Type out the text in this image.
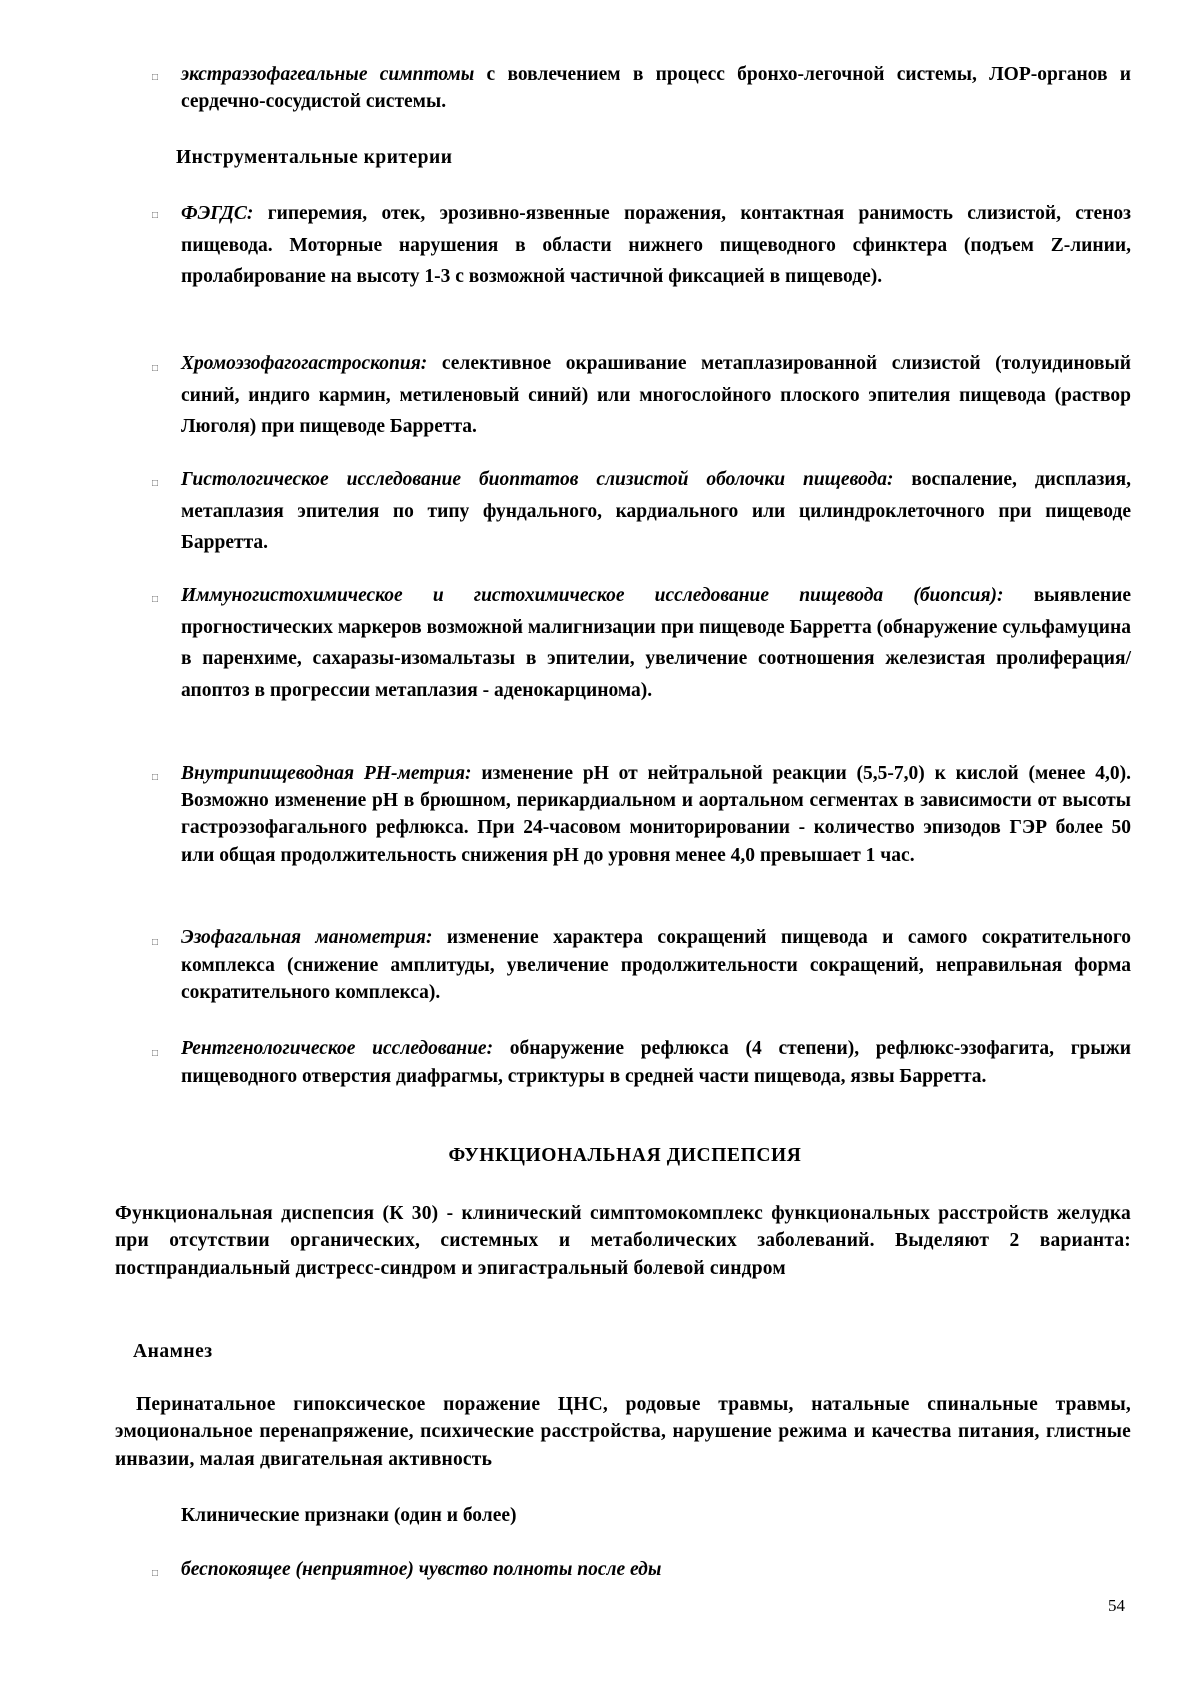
□ экстраэзофагеальные симптомы с вовлечением в процесс бронхо-легочной системы, ЛОР-органов и сердечно-сосудистой системы.

Инструментальные критерии

□ ФЭГДС: гиперемия, отек, эрозивно-язвенные поражения, контактная ранимость слизистой, стеноз пищевода. Моторные нарушения в области нижнего пищеводного сфинктера (подъем Z-линии, пролабирование на высоту 1-3 с возможной частичной фиксацией в пищеводе).

□ Хромоэзофагогастроскопия: селективное окрашивание метаплазированной слизистой (толуидиновый синий, индиго кармин, метиленовый синий) или многослойного плоского эпителия пищевода (раствор Люголя) при пищеводе Барретта.

□ Гистологическое исследование биоптатов слизистой оболочки пищевода: воспаление, дисплазия, метаплазия эпителия по типу фундального, кардиального или цилиндроклеточного при пищеводе Барретта.

□ Иммуногистохимическое и гистохимическое исследование пищевода (биопсия): выявление прогностических маркеров возможной малигнизации при пищеводе Барретта (обнаружение сульфамуцина в паренхиме, сахаразы-изомальтазы в эпителии, увеличение соотношения железистая пролиферация/апоптоз в прогрессии метаплазия - аденокарцинома).

□ Внутрипищеводная РН-метрия: изменение рН от нейтральной реакции (5,5-7,0) к кислой (менее 4,0). Возможно изменение рН в брюшном, перикардиальном и аортальном сегментах в зависимости от высоты гастроэзофагального рефлюкса. При 24-часовом мониторировании - количество эпизодов ГЭР более 50 или общая продолжительность снижения рН до уровня менее 4,0 превышает 1 час.

□ Эзофагальная манометрия: изменение характера сокращений пищевода и самого сократительного комплекса (снижение амплитуды, увеличение продолжительности сокращений, неправильная форма сократительного комплекса).

□ Рентгенологическое исследование: обнаружение рефлюкса (4 степени), рефлюкс-эзофагита, грыжи пищеводного отверстия диафрагмы, стриктуры в средней части пищевода, язвы Барретта.

ФУНКЦИОНАЛЬНАЯ ДИСПЕПСИЯ

Функциональная диспепсия (К 30) - клинический симптомокомплекс функциональных расстройств желудка при отсутствии органических, системных и метаболических заболеваний. Выделяют 2 варианта: постпрандиальный дистресс-синдром и эпигастральный болевой синдром

Анамнез

Перинатальное гипоксическое поражение ЦНС, родовые травмы, натальные спинальные травмы, эмоциональное перенапряжение, психические расстройства, нарушение режима и качества питания, глистные инвазии, малая двигательная активность

Клинические признаки (один и более)

□ беспокоящее (неприятное) чувство полноты после еды

54
